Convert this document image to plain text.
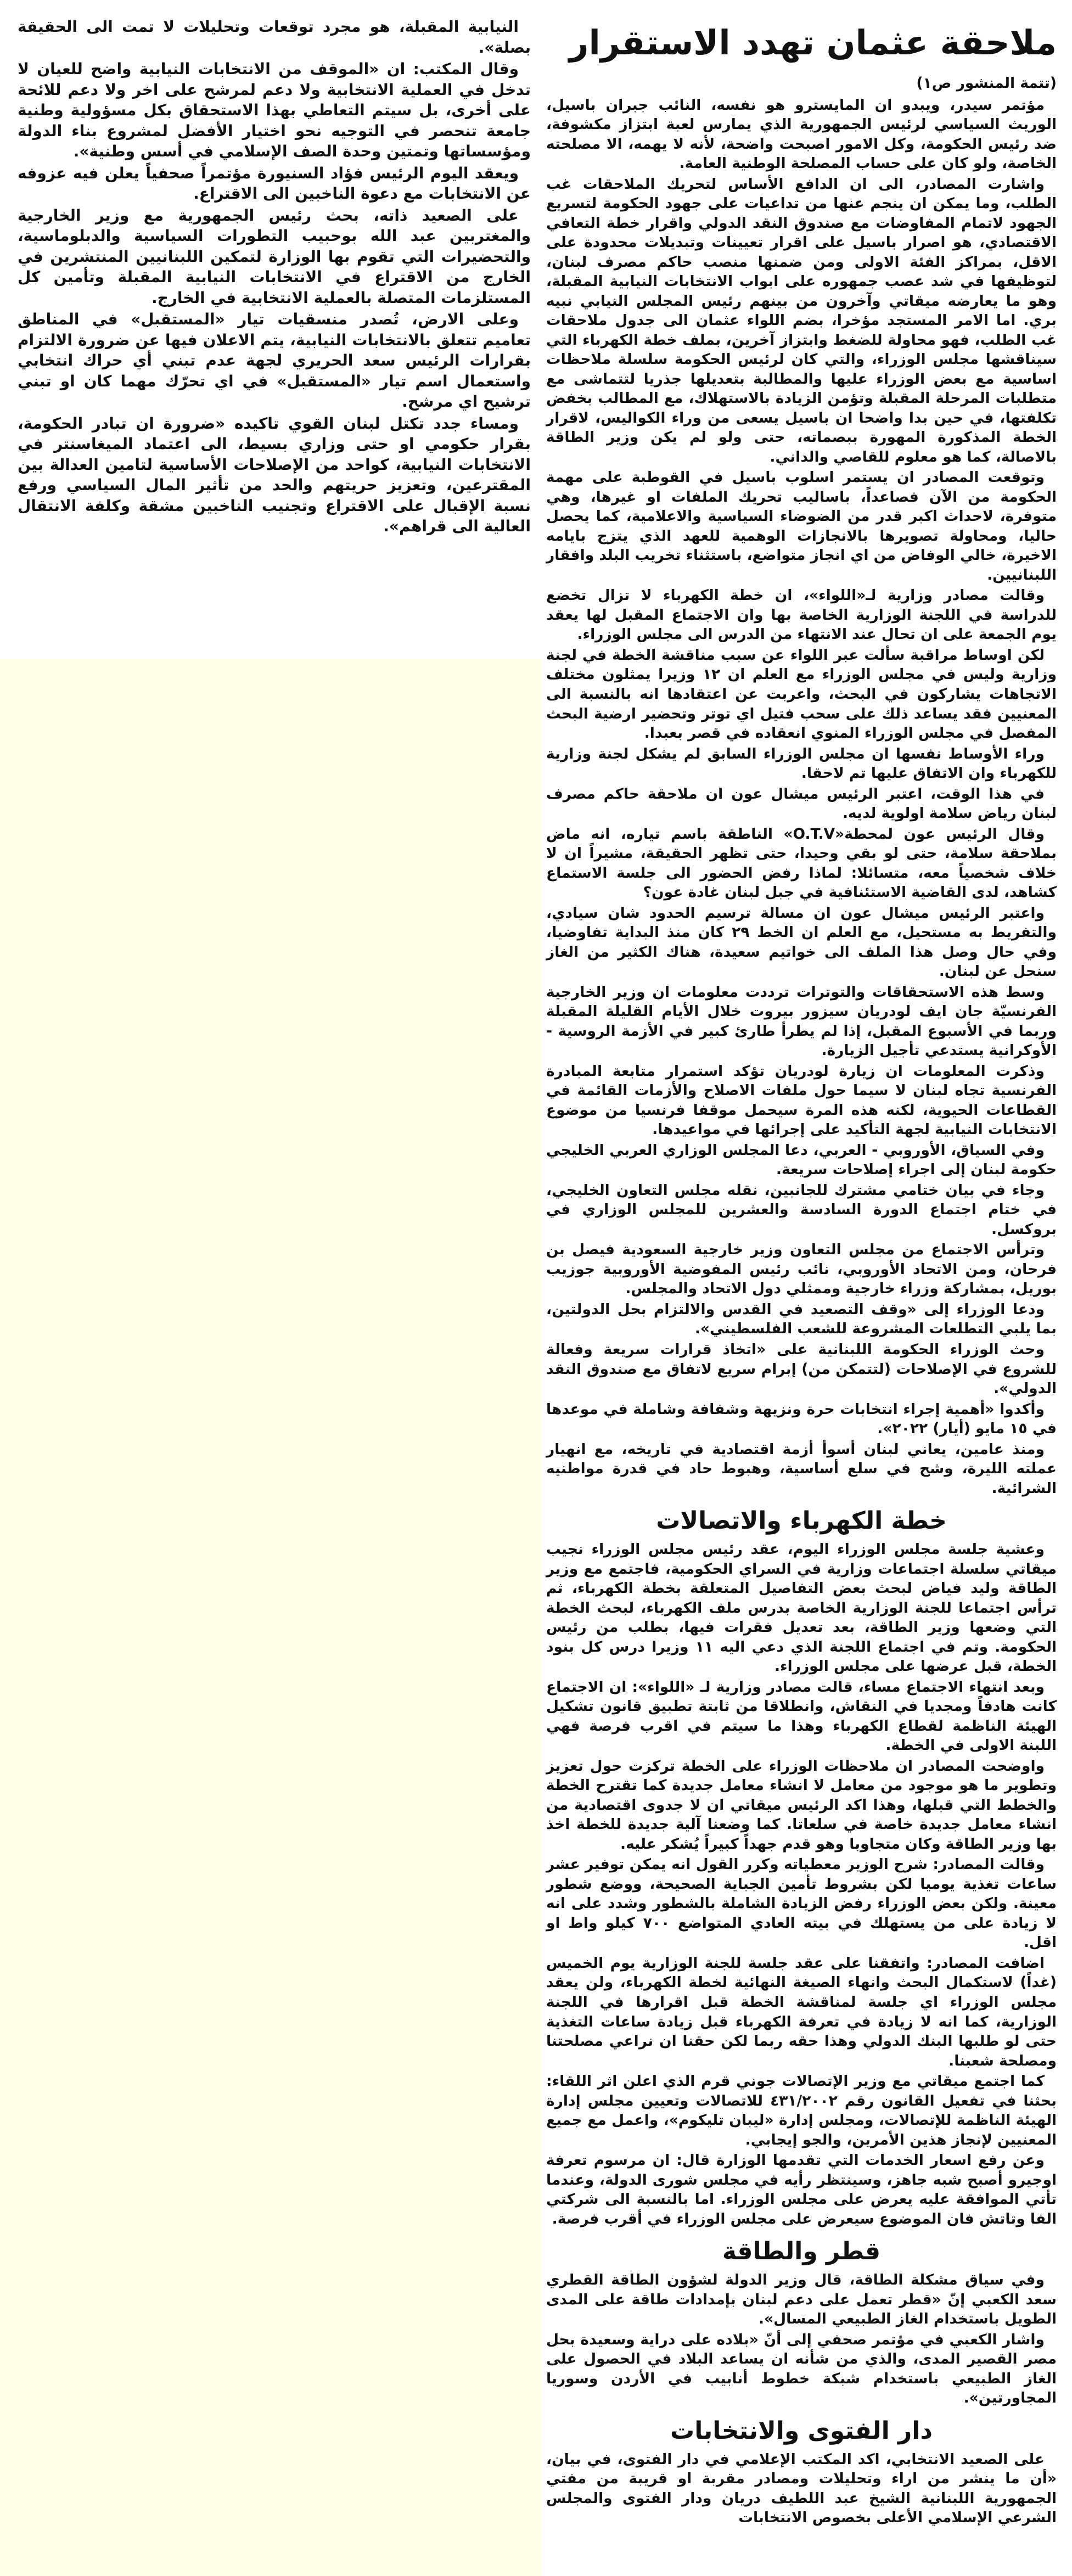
ملاحقة عثمان تهدد الاستقرار

(تتمة المنشور ص١)

مؤتمر سيدر، ويبدو ان المايسترو هو نفسه، النائب جبران باسيل، الوريث السياسي لرئيس الجمهورية الذي يمارس لعبة ابتزاز مكشوفة، ضد رئيس الحكومة، وكل الامور اصبحت واضحة، لأنه لا يهمه، الا مصلحته الخاصة، ولو كان على حساب المصلحة الوطنية العامة.

واشارت المصادر، الى ان الدافع الأساس لتحريك الملاحقات غب الطلب، وما يمكن ان ينجم عنها من تداعيات على جهود الحكومة لتسريع الجهود لاتمام المفاوضات مع صندوق النقد الدولي واقرار خطة التعافي الاقتصادي، هو اصرار باسيل على اقرار تعيينات وتبديلات محدودة على الاقل، بمراكز الفئة الاولى ومن ضمنها منصب حاكم مصرف لبنان، لتوظيفها في شد عصب جمهوره على ابواب الانتخابات النيابية المقبلة، وهو ما يعارضه ميقاتي وآخرون من بينهم رئيس المجلس النيابي نبيه بري. اما الامر المستجد مؤخرا، بضم اللواء عثمان الى جدول ملاحقات غب الطلب، فهو محاولة للضغط وابتزاز آخرين، بملف خطة الكهرباء التي سيناقشها مجلس الوزراء، والتي كان لرئيس الحكومة سلسلة ملاحظات اساسية مع بعض الوزراء عليها والمطالبة بتعديلها جذريا لتتماشى مع متطلبات المرحلة المقبلة وتؤمن الزيادة بالاستهلاك، مع المطالب بخفض تكلفتها، في حين بدا واضحا ان باسيل يسعى من وراء الكواليس، لاقرار الخطة المذكورة المهورة ببصماته، حتى ولو لم يكن وزير الطاقة بالاصالة، كما هو معلوم للقاصي والداني.

وتوقعت المصادر ان يستمر اسلوب باسيل في القوطبة على مهمة الحكومة من الآن فصاعداً، باساليب تحريك الملفات او غيرها، وهي متوفرة، لاحداث اكبر قدر من الضوضاء السياسية والاعلامية، كما يحصل حاليا، ومحاولة تصويرها بالانجازات الوهمية للعهد الذي يتزج بايامه الاخيرة، خالي الوفاض من اي انجاز متواضع، باستثناء تخريب البلد وافقار اللبنانيين.

وقالت مصادر وزارية لـ«اللواء»، ان خطة الكهرباء لا تزال تخضع للدراسة في اللجنة الوزارية الخاصة بها وان الاجتماع المقبل لها يعقد يوم الجمعة على ان تحال عند الانتهاء من الدرس الى مجلس الوزراء.

لكن اوساط مراقبة سألت عبر اللواء عن سبب مناقشة الخطة في لجنة وزارية وليس في مجلس الوزراء مع العلم ان ١٢ وزيرا يمثلون مختلف الاتجاهات يشاركون في البحث، واعربت عن اعتقادها انه بالنسبة الى المعنيين فقد يساعد ذلك على سحب فتيل اي توتر وتحضير ارضية البحث المفصل في مجلس الوزراء المنوي انعقاده في قصر بعبدا.

وراء الأوساط نفسها ان مجلس الوزراء السابق لم يشكل لجنة وزارية للكهرباء وان الاتفاق عليها تم لاحقا.

في هذا الوقت، اعتبر الرئيس ميشال عون ان ملاحقة حاكم مصرف لبنان رياض سلامة اولوية لديه.

وقال الرئيس عون لمحطة«O.T.V» الناطقة باسم تياره، انه ماض بملاحقة سلامة، حتى لو بقي وحيدا، حتى تظهر الحقيقة، مشيراً ان لا خلاف شخصياً معه، متسائلا: لماذا رفض الحضور الى جلسة الاستماع كشاهد، لدى القاضية الاستئنافية في جبل لبنان غادة عون؟

واعتبر الرئيس ميشال عون ان مسالة ترسيم الحدود شان سيادي، والتفريط به مستحيل، مع العلم ان الخط ٢٩ كان منذ البداية تفاوضيا، وفي حال وصل هذا الملف الى خواتيم سعيدة، هناك الكثير من الغاز سنحل عن لبنان.

وسط هذه الاستحقاقات والتوترات ترددت معلومات ان وزير الخارجية الفرنسيّة جان ايف لودريان سيزور بيروت خلال الأيام القليلة المقبلة وربما في الأسبوع المقبل، إذا لم يطرأ طارئ كبير في الأزمة الروسية - الأوكرانية يستدعي تأجيل الزيارة.

وذكرت المعلومات ان زيارة لودريان تؤكد استمرار متابعة المبادرة الفرنسية تجاه لبنان لا سيما حول ملفات الاصلاح والأزمات القائمة في القطاعات الحيوية، لكنه هذه المرة سيحمل موقفا فرنسيا من موضوع الانتخابات النيابية لجهة التأكيد على إجرائها في مواعيدها.

وفي السياق، الأوروبي - العربي، دعا المجلس الوزاري العربي الخليجي حكومة لبنان إلى اجراء إصلاحات سريعة.

وجاء في بيان ختامي مشترك للجانبين، نقله مجلس التعاون الخليجي، في ختام اجتماع الدورة السادسة والعشرين للمجلس الوزاري في بروكسل.

وترأس الاجتماع من مجلس التعاون وزير خارجية السعودية فيصل بن فرحان، ومن الاتحاد الأوروبي، نائب رئيس المفوضية الأوروبية جوزيب بوريل، بمشاركة وزراء خارجية وممثلي دول الاتحاد والمجلس.

ودعا الوزراء إلى «وقف التصعيد في القدس والالتزام بحل الدولتين، بما يلبي التطلعات المشروعة للشعب الفلسطيني».

وحث الوزراء الحكومة اللبنانية على «اتخاذ قرارات سريعة وفعالة للشروع في الإصلاحات (لتتمكن من) إبرام سريع لاتفاق مع صندوق النقد الدولي».

وأكدوا «أهمية إجراء انتخابات حرة ونزيهة وشفافة وشاملة في موعدها في ١٥ مايو (أيار) ٢٠٢٢».

ومنذ عامين، يعاني لبنان أسوأ أزمة اقتصادية في تاريخه، مع انهيار عملته الليرة، وشح في سلع أساسية، وهبوط حاد في قدرة مواطنيه الشرائية.

خطة الكهرباء والاتصالات

وعشية جلسة مجلس الوزراء اليوم، عقد رئيس مجلس الوزراء نجيب ميقاتي سلسلة اجتماعات وزارية في السراي الحكومية، فاجتمع مع وزير الطاقة وليد فياض لبحث بعض التفاصيل المتعلقة بخطة الكهرباء، ثم ترأس اجتماعا للجنة الوزارية الخاصة بدرس ملف الكهرباء، لبحث الخطة التي وضعها وزير الطاقة، بعد تعديل فقرات فيها، بطلب من رئيس الحكومة. وتم في اجتماع اللجنة الذي دعي اليه ١١ وزيرا درس كل بنود الخطة، قبل عرضها على مجلس الوزراء.

وبعد انتهاء الاجتماع مساء، قالت مصادر وزارية لـ «اللواء»: ان الاجتماع كانت هادفاً ومجديا في النقاش، وانطلاقا من ثابتة تطبيق قانون تشكيل الهيئة الناظمة لقطاع الكهرباء وهذا ما سيتم في اقرب فرصة فهي اللبنة الاولى في الخطة.

واوضحت المصادر ان ملاحظات الوزراء على الخطة تركزت حول تعزيز وتطوير ما هو موجود من معامل لا انشاء معامل جديدة كما تقترح الخطة والخطط التي قبلها، وهذا اكد الرئيس ميقاتي ان لا جدوى اقتصادية من انشاء معامل جديدة خاصة في سلعاتا. كما وضعنا آلية جديدة للخطة اخذ بها وزير الطاقة وكان متجاوبا وهو قدم جهداً كبيراً يُشكر عليه.

وقالت المصادر: شرح الوزير معطياته وكرر القول انه يمكن توفير عشر ساعات تغذية يوميا لكن بشروط تأمين الجباية الصحيحة، ووضع شطور معينة. ولكن بعض الوزراء رفض الزيادة الشاملة بالشطور وشدد على انه لا زيادة على من يستهلك في بيته العادي المتواضع ٧٠٠ كيلو واط او اقل.

اضافت المصادر: واتفقنا على عقد جلسة للجنة الوزارية يوم الخميس (غداً) لاستكمال البحث وانهاء الصيغة النهائية لخطة الكهرباء، ولن يعقد مجلس الوزراء اي جلسة لمناقشة الخطة قبل اقرارها في اللجنة الوزارية، كما انه لا زيادة في تعرفة الكهرباء قبل زيادة ساعات التغذية حتى لو طلبها البنك الدولي وهذا حقه ربما لكن حقنا ان نراعي مصلحتنا ومصلحة شعبنا.

كما اجتمع ميقاتي مع وزير الإتصالات جوني قرم الذي اعلن اثر اللقاء: بحثنا في تفعيل القانون رقم ٤٣١/٢٠٠٢ للاتصالات وتعيين مجلس إدارة الهيئة الناظمة للإتصالات، ومجلس إدارة «ليبان تليكوم»، واعمل مع جميع المعنيين لإنجاز هذين الأمرين، والجو إيجابي.

وعن رفع اسعار الخدمات التي تقدمها الوزارة قال: ان مرسوم تعرفة اوجيرو أصبح شبه جاهز، وسينتظر رأيه في مجلس شورى الدولة، وعندما تأتي الموافقة عليه يعرض على مجلس الوزراء. اما بالنسبة الى شركتي الفا وتاتش فان الموضوع سيعرض على مجلس الوزراء في أقرب فرصة.

قطر والطاقة

وفي سياق مشكلة الطاقة، قال وزير الدولة لشؤون الطاقة القطري سعد الكعبي إنّ «قطر تعمل على دعم لبنان بإمدادات طاقة على المدى الطويل باستخدام الغاز الطبيعي المسال».

واشار الكعبي في مؤتمر صحفي إلى أنّ «بلاده على دراية وسعيدة بحل مصر القصير المدى، والذي من شأنه ان يساعد البلاد في الحصول على الغاز الطبيعي باستخدام شبكة خطوط أنابيب في الأردن وسوريا المجاورتين».

دار الفتوى والانتخابات

على الصعيد الانتخابي، اكد المكتب الإعلامي في دار الفتوى، في بيان، «أن ما ينشر من اراء وتحليلات ومصادر مقربة او قريبة من مفتي الجمهورية اللبنانية الشيخ عبد اللطيف دريان ودار الفتوى والمجلس الشرعي الإسلامي الأعلى بخصوص الانتخابات

النيابية المقبلة، هو مجرد توقعات وتحليلات لا تمت الى الحقيقة بصلة».

وقال المكتب: ان «الموقف من الانتخابات النيابية واضح للعيان لا تدخل في العملية الانتخابية ولا دعم لمرشح على اخر ولا دعم للائحة على أخرى، بل سيتم التعاطي بهذا الاستحقاق بكل مسؤولية وطنية جامعة تنحصر في التوجيه نحو اختيار الأفضل لمشروع بناء الدولة ومؤسساتها وتمتين وحدة الصف الإسلامي في أسس وطنية».

ويعقد اليوم الرئيس فؤاد السنيورة مؤتمراً صحفياً يعلن فيه عزوفه عن الانتخابات مع دعوة الناخبين الى الاقتراع.

على الصعيد ذاته، بحث رئيس الجمهورية مع وزير الخارجية والمغتربين عبد الله بوحبيب التطورات السياسية والدبلوماسية، والتحضيرات التي تقوم بها الوزارة لتمكين اللبنانيين المنتشرين في الخارج من الاقتراع في الانتخابات النيابية المقبلة وتأمين كل المستلزمات المتصلة بالعملية الانتخابية في الخارج.

وعلى الارض، تُصدر منسقيات تيار «المستقبل» في المناطق تعاميم تتعلق بالانتخابات النيابية، يتم الاعلان فيها عن ضرورة الالتزام بقرارات الرئيس سعد الحريري لجهة عدم تبني أي حراك انتخابي واستعمال اسم تيار «المستقبل» في اي تحرّك مهما كان او تبني ترشيح اي مرشح.

ومساء جدد تكتل لبنان القوي تاكيده «ضرورة ان تبادر الحكومة، بقرار حكومي او حتى وزاري بسيط، الى اعتماد الميغاسنتر في الانتخابات النيابية، كواحد من الإصلاحات الأساسية لتامين العدالة بين المقترعين، وتعزيز حريتهم والحد من تأثير المال السياسي ورفع نسبة الإقبال على الاقتراع وتجنيب الناخبين مشقة وكلفة الانتقال العالية الى قراهم».
